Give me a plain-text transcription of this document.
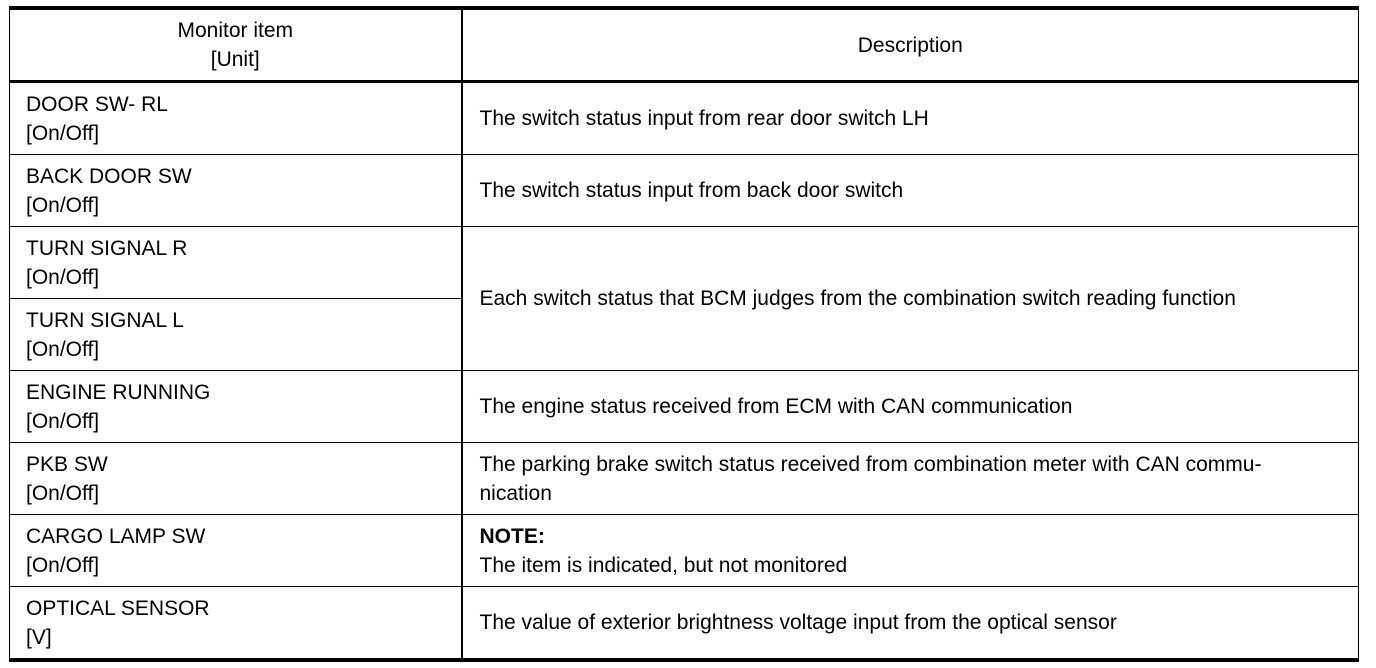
Monitor item
[Unit]	Description

DOOR SW- RL
[On/Off]	The switch status input from rear door switch LH

BACK DOOR SW
[On/Off]	The switch status input from back door switch

TURN SIGNAL R
[On/Off]	Each switch status that BCM judges from the combination switch reading function

TURN SIGNAL L
[On/Off]	

ENGINE RUNNING
[On/Off]	The engine status received from ECM with CAN communication

PKB SW
[On/Off]	The parking brake switch status received from combination meter with CAN commu-
nication

CARGO LAMP SW
[On/Off]	NOTE:
The item is indicated, but not monitored

OPTICAL SENSOR
[V]	The value of exterior brightness voltage input from the optical sensor
